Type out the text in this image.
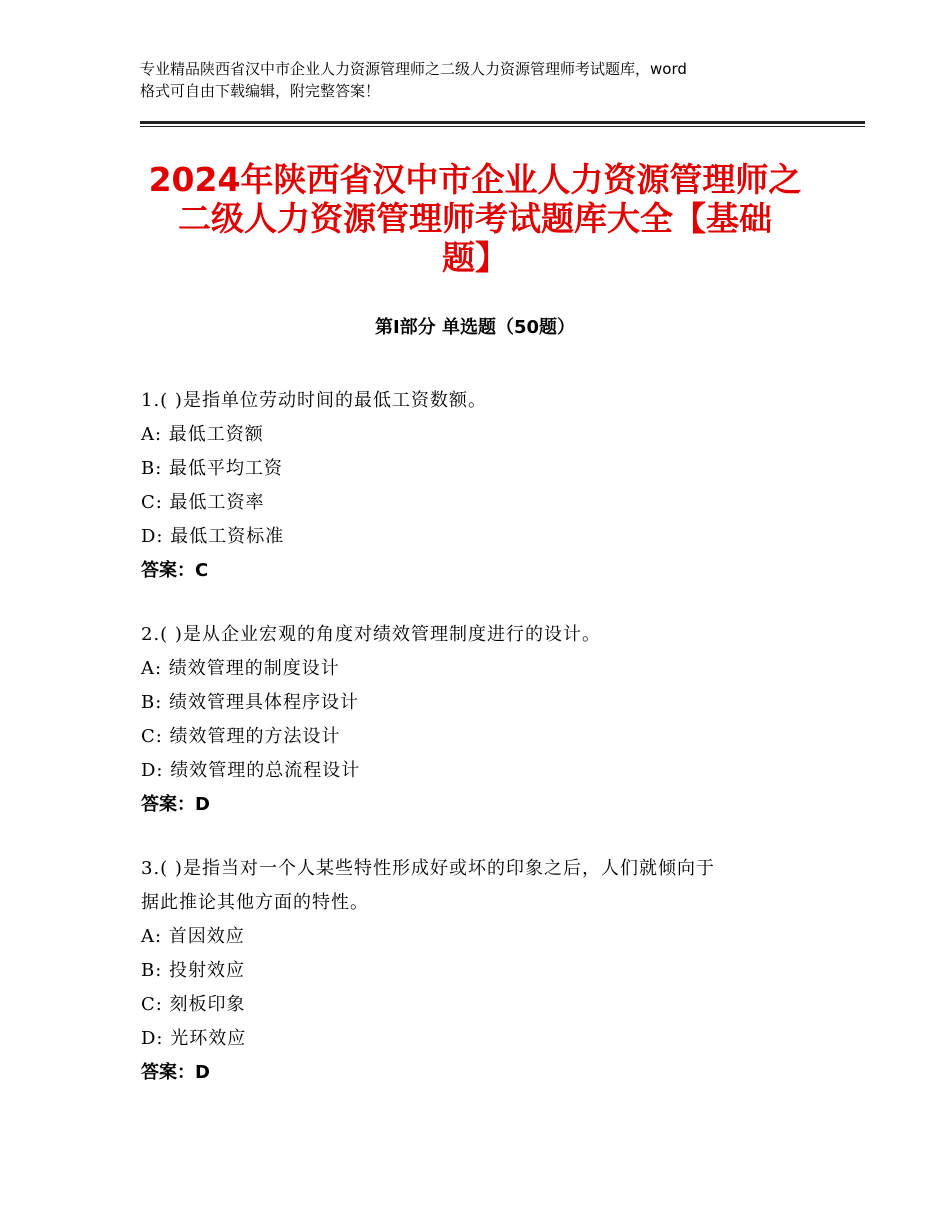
专业精品陕西省汉中市企业人力资源管理师之二级人力资源管理师考试题库，word
格式可自由下载编辑，附完整答案！
2024年陕西省汉中市企业人力资源管理师之
二级人力资源管理师考试题库大全【基础
题】
第Ⅰ部分 单选题（50题）
1.( )是指单位劳动时间的最低工资数额。
A: 最低工资额
B: 最低平均工资
C: 最低工资率
D: 最低工资标准
答案：C
2.( )是从企业宏观的角度对绩效管理制度进行的设计。
A: 绩效管理的制度设计
B: 绩效管理具体程序设计
C: 绩效管理的方法设计
D: 绩效管理的总流程设计
答案：D
3.( )是指当对一个人某些特性形成好或坏的印象之后，人们就倾向于
据此推论其他方面的特性。
A: 首因效应
B: 投射效应
C: 刻板印象
D: 光环效应
答案：D
